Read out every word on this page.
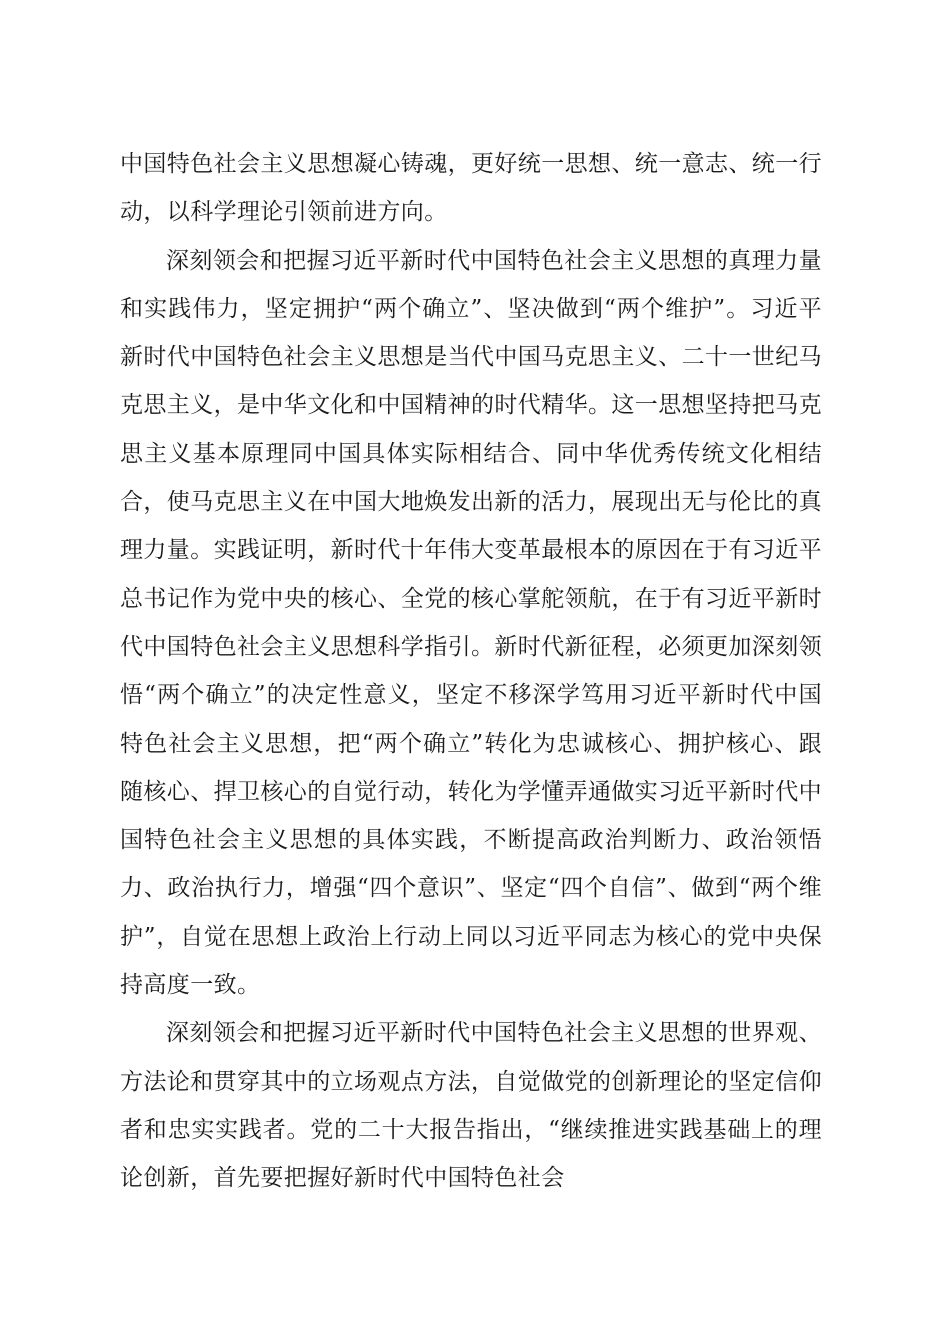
中国特色社会主义思想凝心铸魂，更好统一思想、统一意志、统一行动，以科学理论引领前进方向。

深刻领会和把握习近平新时代中国特色社会主义思想的真理力量和实践伟力，坚定拥护“两个确立”、坚决做到“两个维护”。习近平新时代中国特色社会主义思想是当代中国马克思主义、二十一世纪马克思主义，是中华文化和中国精神的时代精华。这一思想坚持把马克思主义基本原理同中国具体实际相结合、同中华优秀传统文化相结合，使马克思主义在中国大地焕发出新的活力，展现出无与伦比的真理力量。实践证明，新时代十年伟大变革最根本的原因在于有习近平总书记作为党中央的核心、全党的核心掌舵领航，在于有习近平新时代中国特色社会主义思想科学指引。新时代新征程，必须更加深刻领悟“两个确立”的决定性意义，坚定不移深学笃用习近平新时代中国特色社会主义思想，把“两个确立”转化为忠诚核心、拥护核心、跟随核心、捍卫核心的自觉行动，转化为学懂弄通做实习近平新时代中国特色社会主义思想的具体实践，不断提高政治判断力、政治领悟力、政治执行力，增强“四个意识”、坚定“四个自信”、做到“两个维护”，自觉在思想上政治上行动上同以习近平同志为核心的党中央保持高度一致。

深刻领会和把握习近平新时代中国特色社会主义思想的世界观、方法论和贯穿其中的立场观点方法，自觉做党的创新理论的坚定信仰者和忠实实践者。党的二十大报告指出，“继续推进实践基础上的理论创新，首先要把握好新时代中国特色社会
